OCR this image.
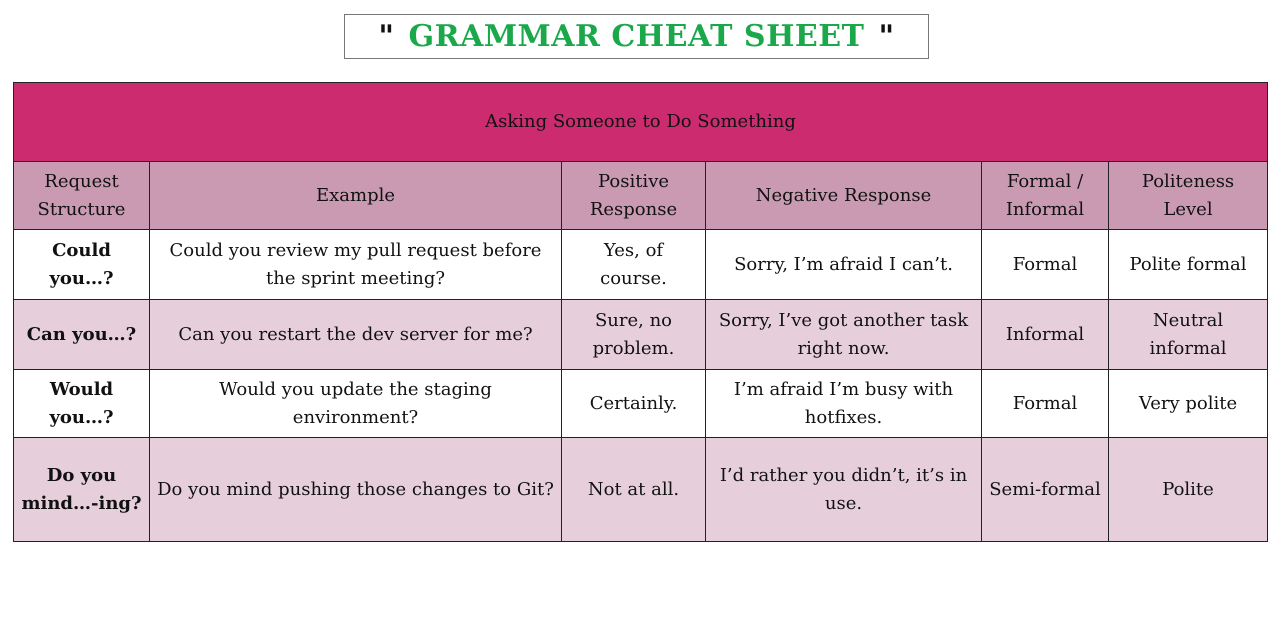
" GRAMMAR CHEAT SHEET "
Asking Someone to Do Something					
Request Structure	Example	Positive Response	Negative Response	Formal / Informal	Politeness Level
Could you…?	Could you review my pull request before the sprint meeting?	Yes, of course.	Sorry, I’m afraid I can’t.	Formal	Polite formal
Can you…?	Can you restart the dev server for me?	Sure, no problem.	Sorry, I’ve got another task right now.	Informal	Neutral informal
Would you…?	Would you update the staging environment?	Certainly.	I’m afraid I’m busy with hotfixes.	Formal	Very polite
Do you mind…-ing?	Do you mind pushing those changes to Git?	Not at all.	I’d rather you didn’t, it’s in use.	Semi-formal	Polite
